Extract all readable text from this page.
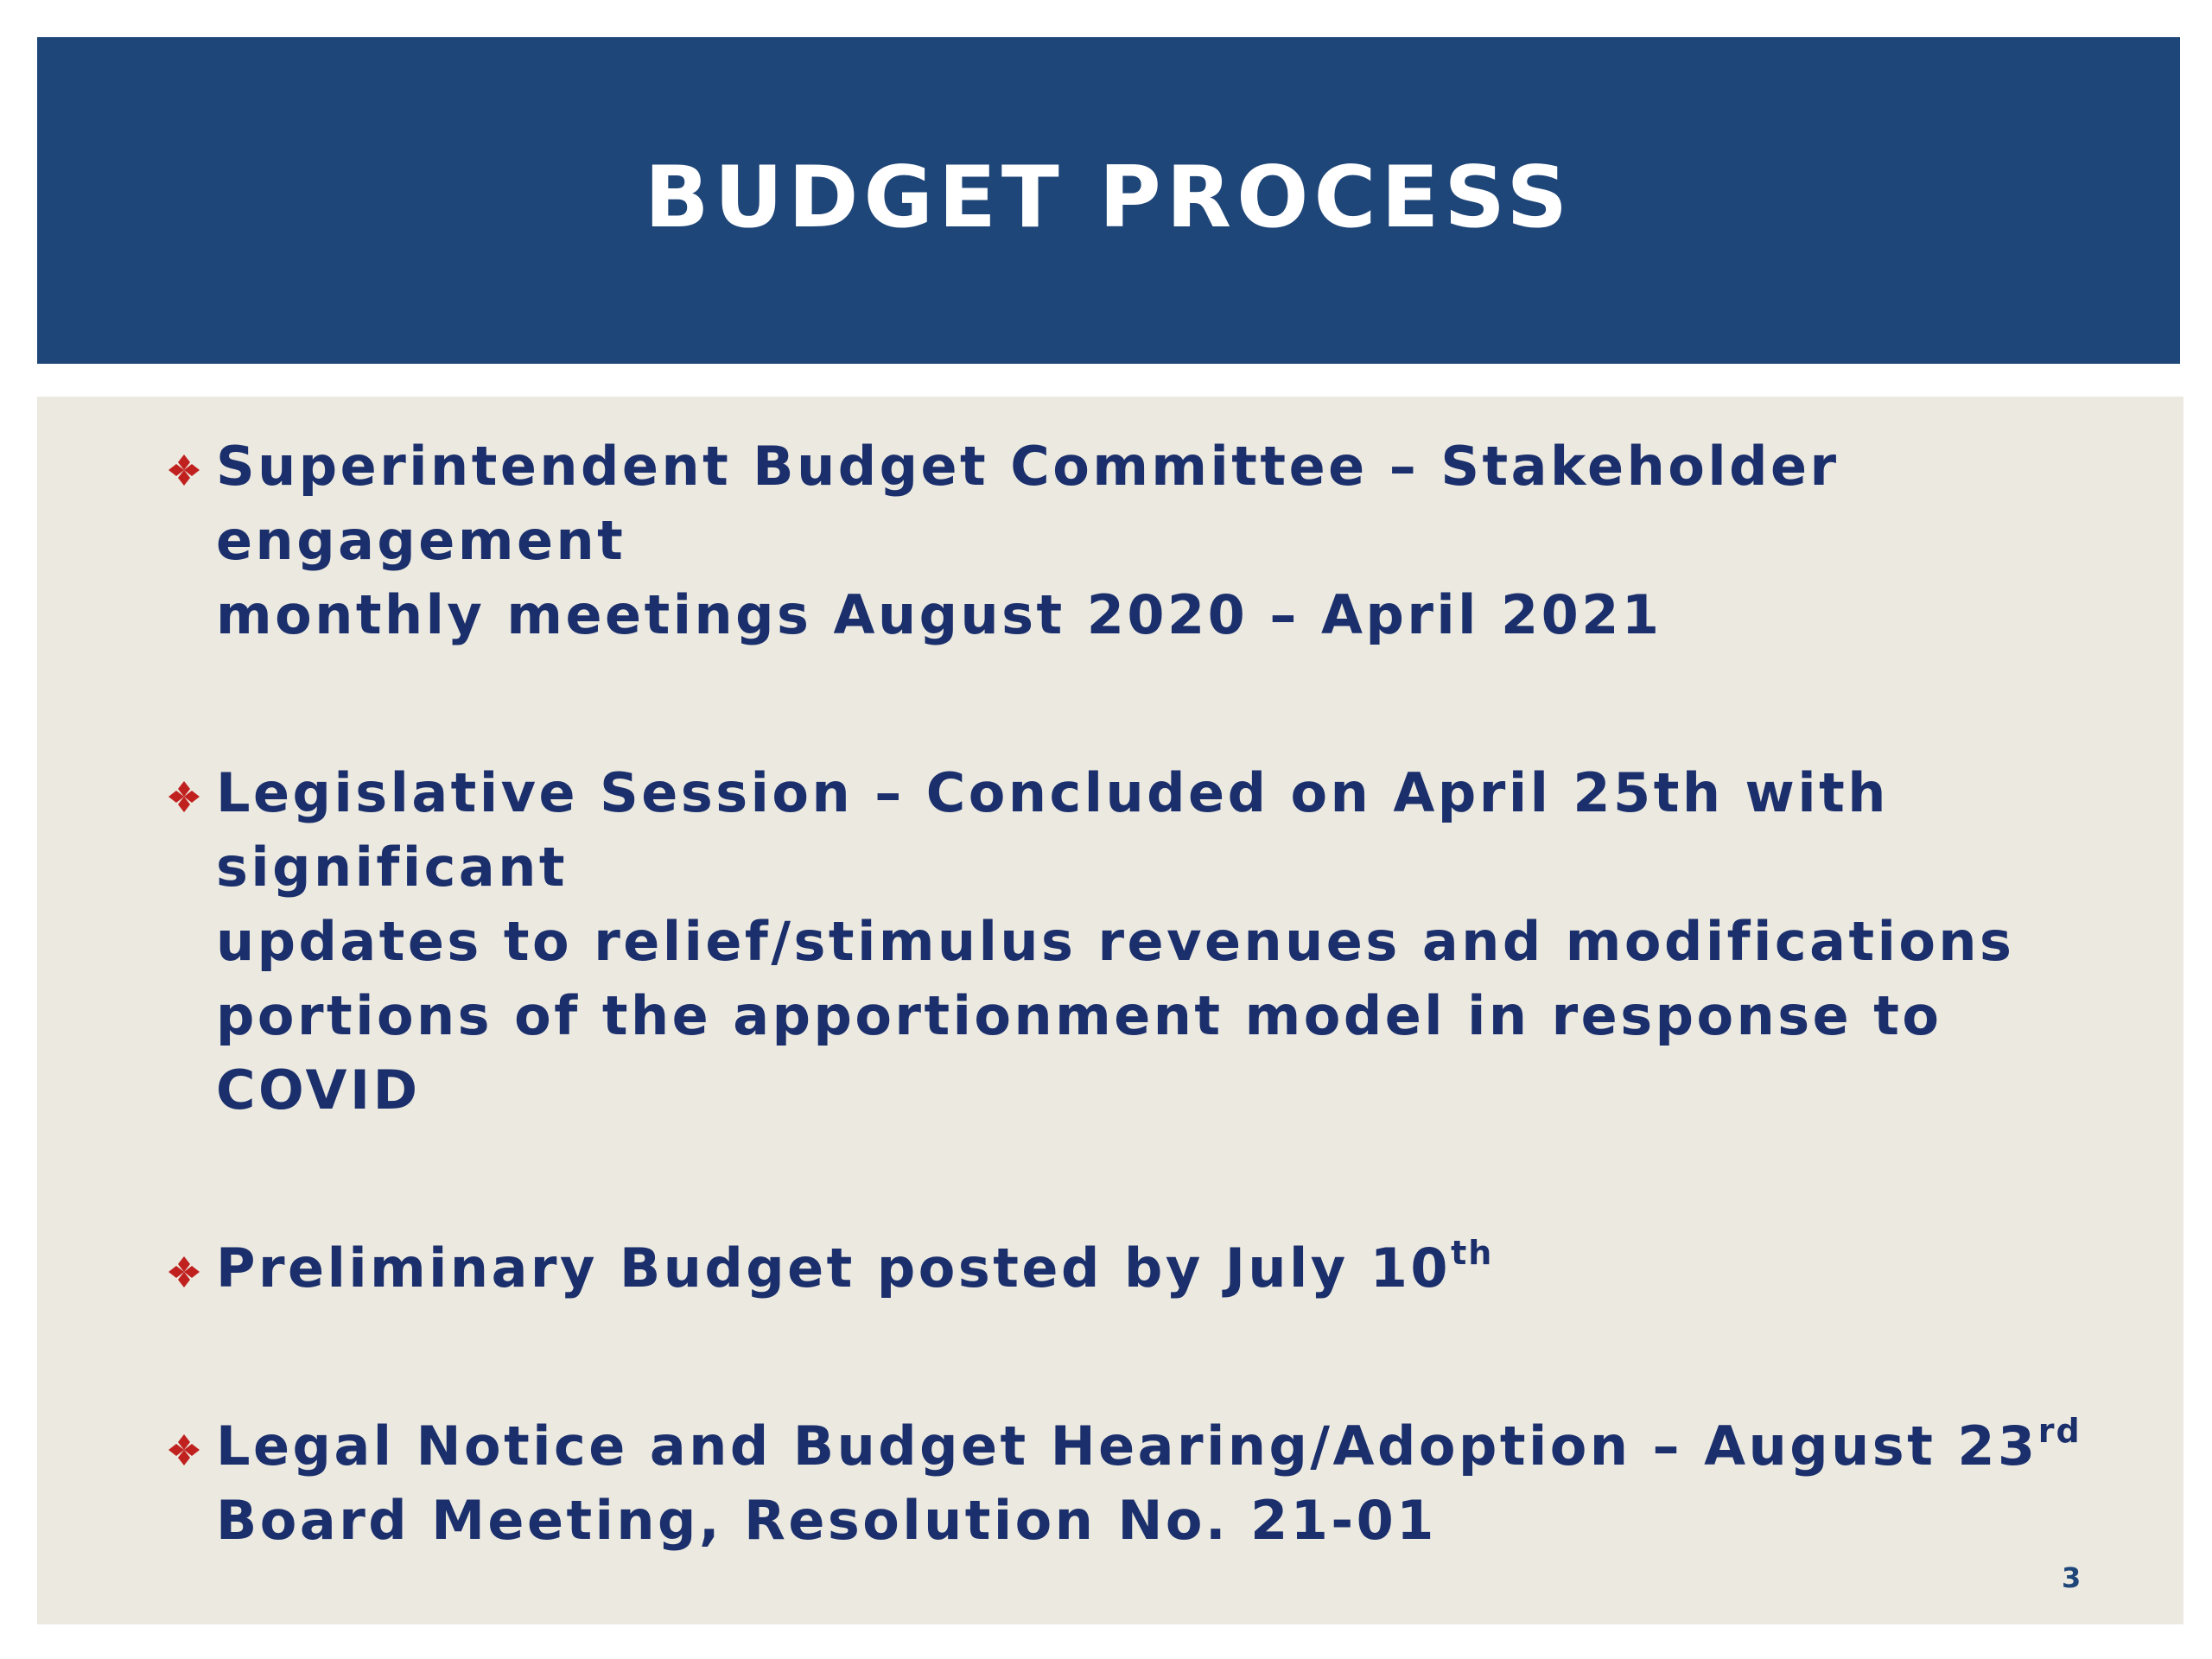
BUDGET PROCESS
Superintendent Budget Committee – Stakeholder engagement
monthly meetings August 2020 – April 2021
Legislative Session – Concluded on April 25th with significant
updates to relief/stimulus revenues and modifications
portions of the apportionment model in response to COVID
Preliminary Budget posted by July 10th
Legal Notice and Budget Hearing/Adoption – August 23rd
Board Meeting, Resolution No. 21-01
3
